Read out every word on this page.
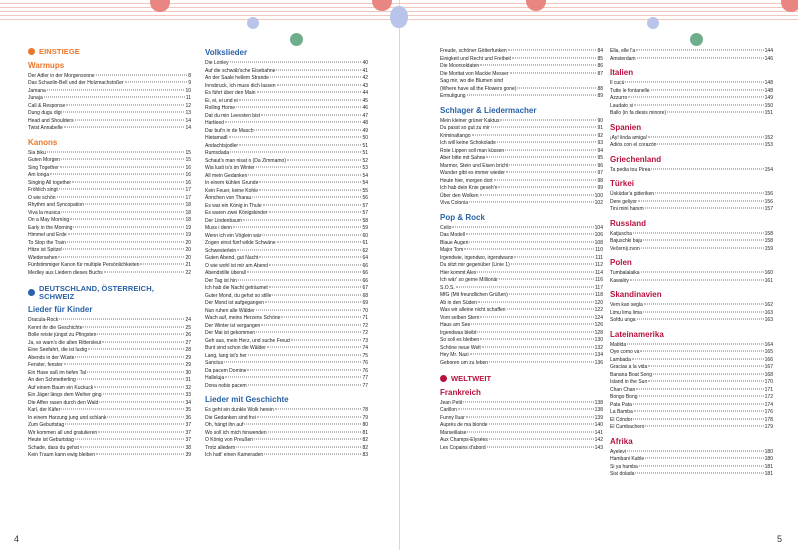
EINSTIEGE
Warmups
Der Adler in der Morgensonne	8
Das Schaolin-Bell und der Holzmachstoßer	9
Jamana	10
Junaja	11
Call & Response	12
Dung dugu digi	13
Head and Shoulders	14
Twist Annabelle	14
Kanons
Sia biku	15
Guten Morgen	15
Sing Together	16
Am longa	16
Singing All together	16
Fröhlich singt	17
O wie schön	17
Rhythm and Syncopation	18
Viva la musica	18
On a May Morning	18
Early in the Morning	19
Himmel und Erde	19
To Stop the Train	20
Hitze ist Spitze!	20
Wiedersehen	20
Fünfstimmiger Kanon für multiple Persönlichkeiten	21
Medley aus Liedern dieses Buchs	22
DEUTSCHLAND, ÖSTERREICH, SCHWEIZ
Lieder für Kinder
Dracula-Rock	24
Kennt ihr die Geschichte	25
Bolle reiste jüngst zu Pfingsten	26
Ja, so warn's die alten Rittersleut	27
Eine Seefahrt, die ist lustig	28
Abends in der Wüste	29
Fenster, fenster	29
Ein Hase saß im tiefen Tal	30
An den Schmetterling	31
Auf einem Baum ein Kuckuck	32
Ein Jäger längs dem Weiher ging	33
Die Affen rasen durch den Wald	34
Karl, der Käfer	35
In einem Harzung jung und schlank	36
Zum Geburtstag	37
Wir kommen all und gratulieren	37
Heute ist Geburtstag	37
Schade, dass du gehst	38
Kein Traum kann ewig bleiben	39
Volkslieder
Die Lonley	40
Auf die schwäb'sche Eisebahne	41
An der Saale hellem Strande	42
Innsbruck, ich muss dich lassen	43
Es führt über den Main	44
Ei, ei, ei und ei	45
Rolling Home	46
Dat du min Leevsten bist	47
Hartleed	48
Dar but'n in de Masch	49
Hietamadl	50
Andachtsjodler	51
Rumsdada	51
Schaut's man nisat o (Da Zimmamo)	52
Wia lusti is's im Winter	53
All mein Gedanken	54
In einem kühlen Grunde	54
Kein Feuer, keine Kohle	55
Ännchen von Tharau	56
Es war ein König in Thule	57
Es waren zwei Königskinder	57
Der Lindenbaum	58
Muss i denn	59
Wenn ich ein Vöglein wär	60
Zogen einst fünf wilde Schwäne	61
Schwesterlein	62
Guten Abend, gut Nacht	64
O wie wohl ist mir am Abend	66
Abendstille überall	66
Der Tag ist hin	66
Ich hab die Nacht geträumet	67
Guter Mond, du gehst so stille	68
Der Mond ist aufgegangen	69
Nun ruhen alle Wälder	70
Wach auf, meins Herzens Schöne	71
Der Winter ist vergangen	72
Der Mai ist gekommen	72
Geh aus, mein Herz, und suche Freud	73
Bunt sind schon die Wälder	74
Lang, lang ist's her	75
Sanctus	76
Da pacem Domine	76
Halleluja	77
Dona nobis pacem	77
Lieder mit Geschichte
Es geht ein dunkle Wolk herein	78
Die Gedanken sind frei	79
Oh, hängt ihn auf	80
Wo soll ich mich hinwenden	81
O König von Preußen	82
Trotz alledem	82
Ich hatt' einen Kameraden	83
4
Freude, schöner Götterfunken	84
Einigkeit und Recht und Freiheit	85
Die Moorsoldaten	86
Die Moritat von Mackie Messer	87
Sag mir, wo die Blumen sind
(Where have all the Flowers gone)	88
Ermutigung	89
Schlager & Liedermacher
Mein kleiner grüner Kaktus	90
Du passt so gut zu mir	91
Kriminaltango	92
Ich will keine Schokolade	93
Rote Lippen soll man küssen	94
Aber bitte mit Sahne	95
Marmor, Stein und Eisen bricht	96
Wunder gibt es immer wieder	97
Heute hier, morgen dort	98
Ich hab dein Knie geseh'n	99
Über den Wolken	100
Viva Colonia	102
Pop & Rock
Cello	104
Das Modell	106
Blaue Augen	108
Major Tom	110
Irgendwie, irgendwo, irgendwann	111
Du sitzt mir gegenüber (Linie 1)	112
Hier kommt Alex	114
Ich wär' so gerne Millionär	116
S.O.S.	117
MfG (Mit freundlichen Grüßen)	118
Ab in den Süden	120
Was wir alleine nicht schaffen	122
Vom selben Stern	124
Haus am See	126
Irgendwas bleibt	128
So soll es bleiben	130
Schöne neue Welt	132
Hey Mr. Nazi	134
Geboren um zu leben	136
WELTWEIT
Frankreich
Jean Petit	138
Carillon	138
Funny lluar	139
Auprès de ma blonde	140
Marseillaise	141
Aux Champs-Elysées	142
Les Copains d'abord	143
Ella, elle l'a	144
Amsterdam	146
Italien
Il cucù	148
Tutte le fontanelle	148
Azzurro	149
Laudato si	150
Ballo (in fa diesis minore)	151
Spanien
¡Ay! linda amiga!	152
Adiós con el corazón	153
Griechenland
Ta pedia tou Pirea	154
Türkei
Üsküdar'a gideriken	156
Dere geliyor	156
Tini mini hanım	157
Russland
Katjuscha	158
Bajuschki baju	158
Večernij zvon	159
Polen
Tumbalalaika	160
Kawaliry	161
Skandinavien
Vem kan segla	162
Limu limu lima	163
Sofdu unga	163
Lateinamerika
Matilda	164
Oye como va	165
Lambada	166
Gracias a la vida	167
Banana Boat Song	168
Island in the Sun	170
Chan Chan	171
Bongo Bong	172
Pata Pata	174
La Bamba	176
El Cóndor	178
El Cumbachero	179
Afrika
Ayelevi	180
Hambani Kahle	180
Si ya hamba	181
Sisi dolada	181
5
